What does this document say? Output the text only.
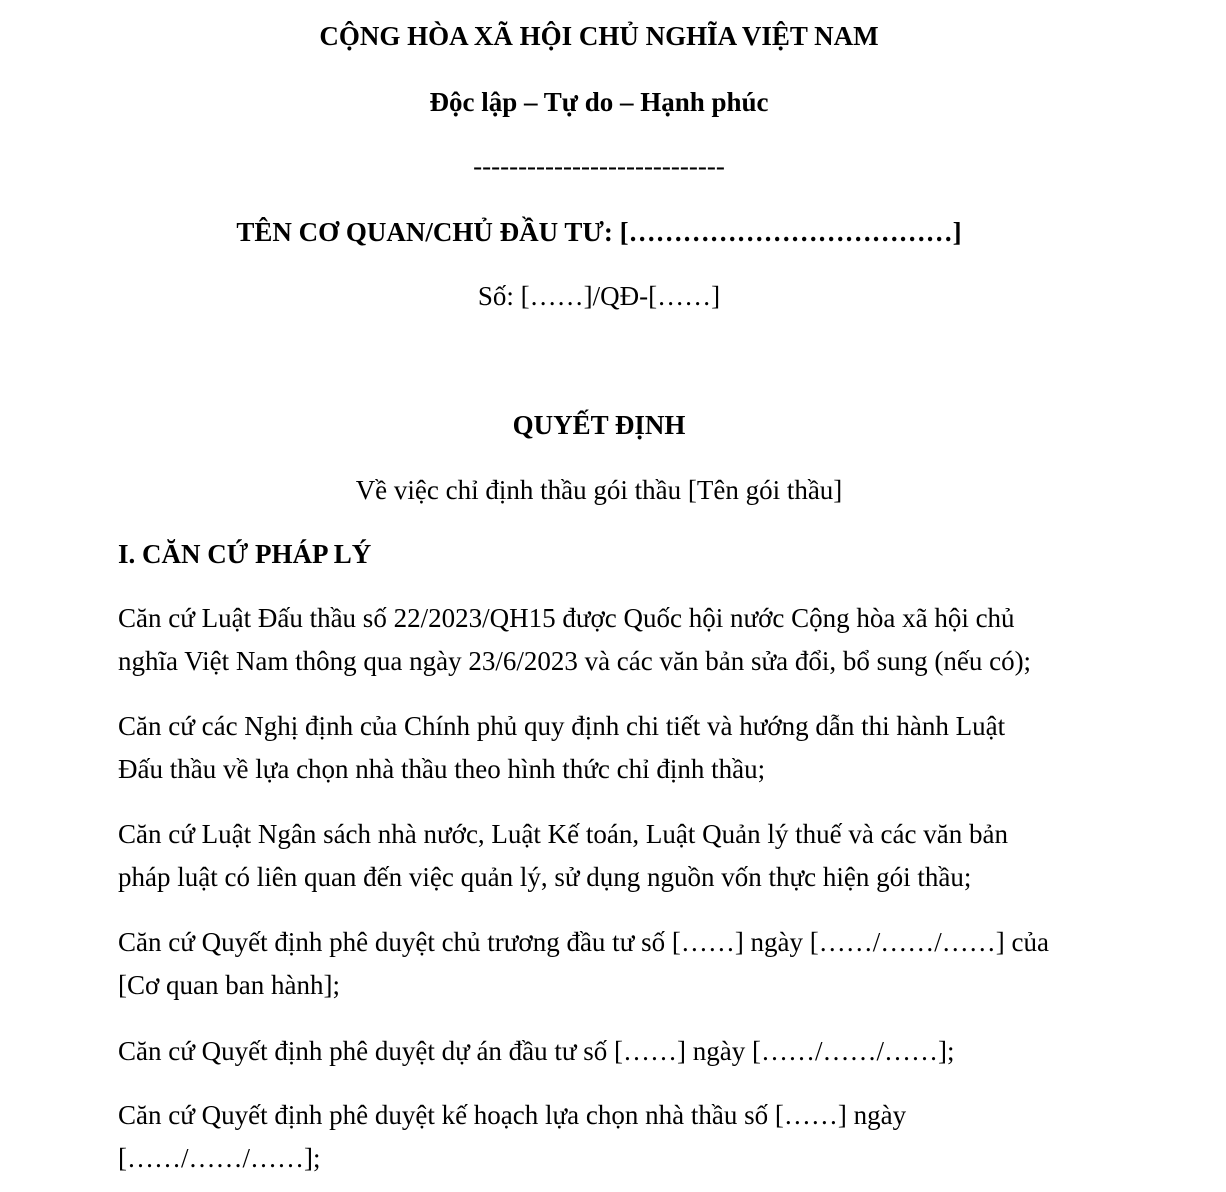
CỘNG HÒA XÃ HỘI CHỦ NGHĨA VIỆT NAM
Độc lập – Tự do – Hạnh phúc
----------------------------
TÊN CƠ QUAN/CHỦ ĐẦU TƯ: [………………………………]
Số: [……]/QĐ-[……]
QUYẾT ĐỊNH
Về việc chỉ định thầu gói thầu [Tên gói thầu]
I. CĂN CỨ PHÁP LÝ
Căn cứ Luật Đấu thầu số 22/2023/QH15 được Quốc hội nước Cộng hòa xã hội chủ
nghĩa Việt Nam thông qua ngày 23/6/2023 và các văn bản sửa đổi, bổ sung (nếu có);
Căn cứ các Nghị định của Chính phủ quy định chi tiết và hướng dẫn thi hành Luật
Đấu thầu về lựa chọn nhà thầu theo hình thức chỉ định thầu;
Căn cứ Luật Ngân sách nhà nước, Luật Kế toán, Luật Quản lý thuế và các văn bản
pháp luật có liên quan đến việc quản lý, sử dụng nguồn vốn thực hiện gói thầu;
Căn cứ Quyết định phê duyệt chủ trương đầu tư số [……] ngày [……/……/……] của
[Cơ quan ban hành];
Căn cứ Quyết định phê duyệt dự án đầu tư số [……] ngày [……/……/……];
Căn cứ Quyết định phê duyệt kế hoạch lựa chọn nhà thầu số [……] ngày
[……/……/……];
